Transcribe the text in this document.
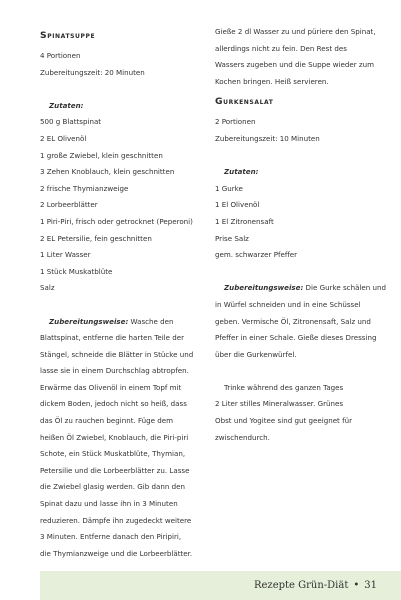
Spinatsuppe
4 Portionen
Zubereitungszeit: 20 Minuten
Zutaten:
500 g Blattspinat
2 EL Olivenöl
1 große Zwiebel, klein geschnitten
3 Zehen Knoblauch, klein geschnitten
2 frische Thymianzweige
2 Lorbeerblätter
1 Piri-Piri, frisch oder getrocknet (Peperoni)
2 EL Petersilie, fein geschnitten
1 Liter Wasser
1 Stück Muskatblüte
Salz
Zubereitungsweise: Wasche den
Blattspinat, entferne die harten Teile der
Stängel, schneide die Blätter in Stücke und
lasse sie in einem Durchschlag abtropfen.
Erwärme das Olivenöl in einem Topf mit
dickem Boden, jedoch nicht so heiß, dass
das Öl zu rauchen beginnt. Füge dem
heißen Öl Zwiebel, Knoblauch, die Piri-piri
Schote, ein Stück Muskatblüte, Thymian,
Petersilie und die Lorbeerblätter zu. Lasse
die Zwiebel glasig werden. Gib dann den
Spinat dazu und lasse ihn in 3 Minuten
reduzieren. Dämpfe ihn zugedeckt weitere
3 Minuten. Entferne danach den Piripiri,
die Thymianzweige und die Lorbeerblätter.
Gieße 2 dl Wasser zu und püriere den Spinat,
allerdings nicht zu fein. Den Rest des
Wassers zugeben und die Suppe wieder zum
Kochen bringen. Heiß servieren.
Gurkensalat
2 Portionen
Zubereitungszeit: 10 Minuten
Zutaten:
1 Gurke
1 El Olivenöl
1 El Zitronensaft
Prise Salz
gem. schwarzer Pfeffer
Zubereitungsweise: Die Gurke schälen und
in Würfel schneiden und in eine Schüssel
geben. Vermische Öl, Zitronensaft, Salz und
Pfeffer in einer Schale. Gieße dieses Dressing
über die Gurkenwürfel.
Trinke während des ganzen Tages
2 Liter stilles Mineralwasser. Grünes
Obst und Yogitee sind gut geeignet für
zwischendurch.
Rezepte Grün-Diät • 31
